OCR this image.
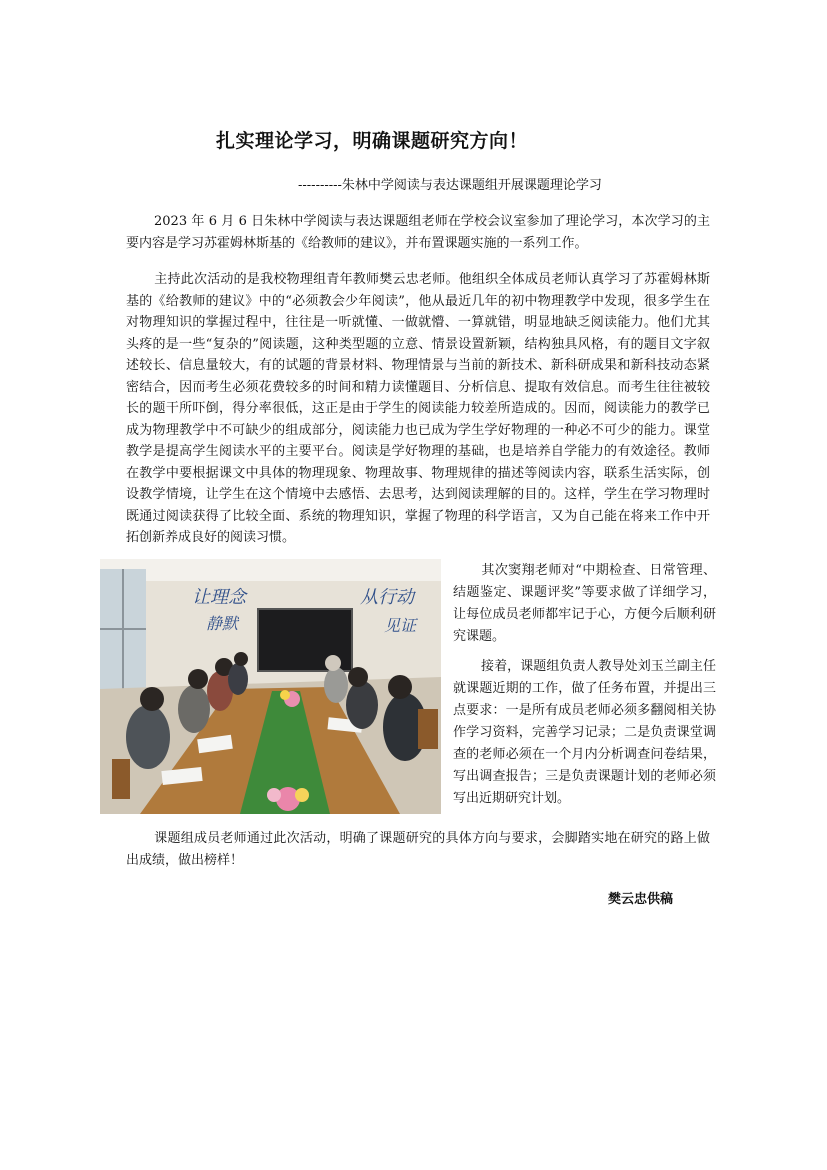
扎实理论学习，明确课题研究方向！
----------朱林中学阅读与表达课题组开展课题理论学习
2023 年 6 月 6 日朱林中学阅读与表达课题组老师在学校会议室参加了理论学习，本次学习的主要内容是学习苏霍姆林斯基的《给教师的建议》，并布置课题实施的一系列工作。
主持此次活动的是我校物理组青年教师樊云忠老师。他组织全体成员老师认真学习了苏霍姆林斯基的《给教师的建议》中的“必须教会少年阅读”，他从最近几年的初中物理教学中发现，很多学生在对物理知识的掌握过程中，往往是一听就懂、一做就懵、一算就错，明显地缺乏阅读能力。他们尤其头疼的是一些“复杂的”阅读题，这种类型题的立意、情景设置新颖，结构独具风格，有的题目文字叙述较长、信息量较大，有的试题的背景材料、物理情景与当前的新技术、新科研成果和新科技动态紧密结合，因而考生必须花费较多的时间和精力读懂题目、分析信息、提取有效信息。而考生往往被较长的题干所吓倒，得分率很低，这正是由于学生的阅读能力较差所造成的。因而，阅读能力的教学已成为物理教学中不可缺少的组成部分，阅读能力也已成为学生学好物理的一种必不可少的能力。课堂教学是提高学生阅读水平的主要平台。阅读是学好物理的基础，也是培养自学能力的有效途径。教师在教学中要根据课文中具体的物理现象、物理故事、物理规律的描述等阅读内容，联系生活实际，创设教学情境，让学生在这个情境中去感悟、去思考，达到阅读理解的目的。这样，学生在学习物理时既通过阅读获得了比较全面、系统的物理知识，掌握了物理的科学语言，又为自己能在将来工作中开拓创新养成良好的阅读习惯。
让理念
静默
从行动
见证
其次窦翔老师对“中期检查、日常管理、结题鉴定、课题评奖”等要求做了详细学习，让每位成员老师都牢记于心，方便今后顺利研究课题。
接着，课题组负责人教导处刘玉兰副主任就课题近期的工作，做了任务布置，并提出三点要求：一是所有成员老师必须多翻阅相关协作学习资料，完善学习记录；二是负责课堂调查的老师必须在一个月内分析调查问卷结果，写出调查报告；三是负责课题计划的老师必须写出近期研究计划。
课题组成员老师通过此次活动，明确了课题研究的具体方向与要求，会脚踏实地在研究的路上做出成绩，做出榜样！
樊云忠供稿
